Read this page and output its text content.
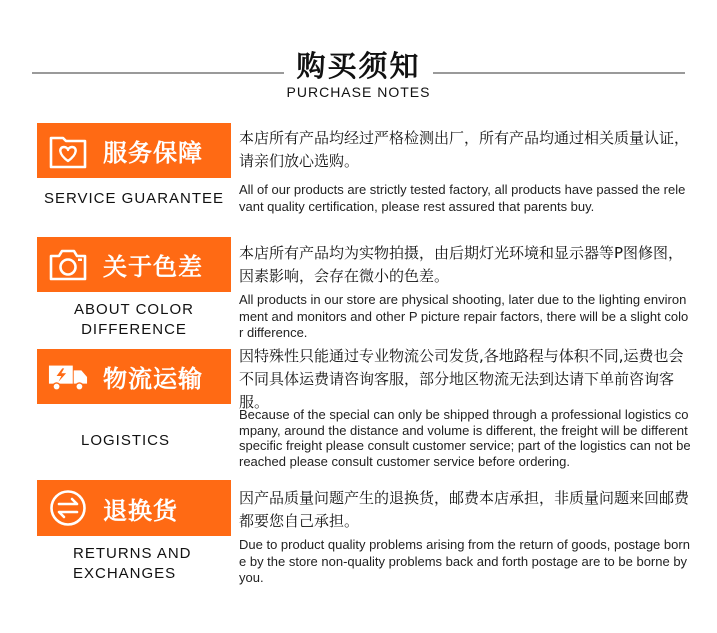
购买须知
PURCHASE NOTES
服务保障
SERVICE GUARANTEE
本店所有产品均经过严格检测出厂，所有产品均通过相关质量认证，请亲们放心选购。
All of our products are strictly tested factory, all products have passed the relevant quality certification, please rest assured that parents buy.
关于色差
ABOUT COLOR DIFFERENCE
本店所有产品均为实物拍摄，由后期灯光环境和显示器等P图修图，因素影响，会存在微小的色差。
All products in our store are physical shooting, later due to the lighting environment and monitors and other P picture repair factors, there will be a slight color difference.
物流运输
LOGISTICS
因特殊性只能通过专业物流公司发货,各地路程与体积不同,运费也会不同具体运费请咨询客服，部分地区物流无法到达请下单前咨询客服。
Because of the special can only be shipped through a professional logistics company, around the distance and volume is different, the freight will be different specific freight please consult customer service; part of the logistics can not be reached please consult customer service before ordering.
退换货
RETURNS AND EXCHANGES
因产品质量问题产生的退换货，邮费本店承担，非质量问题来回邮费都要您自己承担。
Due to product quality problems arising from the return of goods, postage borne by the store non-quality problems back and forth postage are to be borne by you.
